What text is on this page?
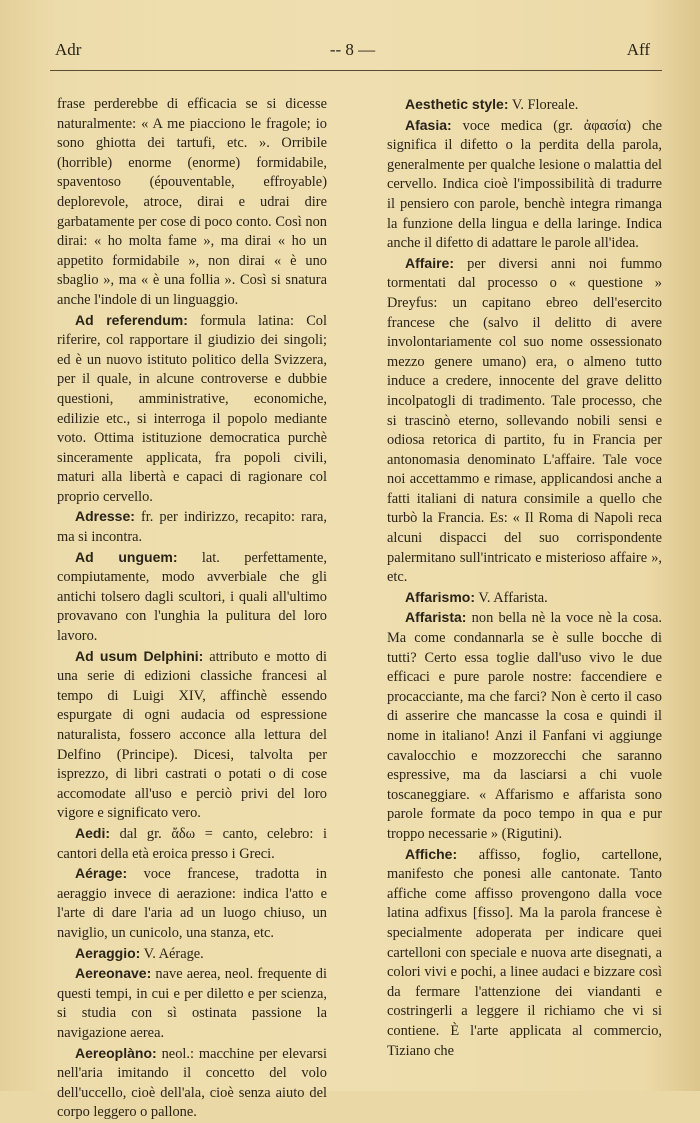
Adr	-- 8 —	Aff

frase perderebbe di efficacia se si dicesse naturalmente: « A me piacciono le fragole; io sono ghiotta dei tartufi, etc. ». Orribile (horrible) enorme (enorme) formidabile, spaventoso (épouventable, effroyable) deplorevole, atroce, dirai e udrai dire garbatamente per cose di poco conto. Così non dirai: « ho molta fame », ma dirai « ho un appetito formidabile », non dirai « è uno sbaglio », ma « è una follia ». Così si snatura anche l'indole di un linguaggio.

Ad referendum: formula latina: Col riferire, col rapportare il giudizio dei singoli; ed è un nuovo istituto politico della Svizzera, per il quale, in alcune controverse e dubbie questioni, amministrative, economiche, edilizie etc., si interroga il popolo mediante voto. Ottima istituzione democratica purchè sinceramente applicata, fra popoli civili, maturi alla libertà e capaci di ragionare col proprio cervello.

Adresse: fr. per indirizzo, recapito: rara, ma si incontra.

Ad unguem: lat. perfettamente, compiutamente, modo avverbiale che gli antichi tolsero dagli scultori, i quali all'ultimo provavano con l'unghia la pulitura del loro lavoro.

Ad usum Delphini: attributo e motto di una serie di edizioni classiche francesi al tempo di Luigi XIV, affinchè essendo espurgate di ogni audacia od espressione naturalista, fossero acconce alla lettura del Delfino (Principe). Dicesi, talvolta per isprezzo, di libri castrati o potati o di cose accomodate all'uso e perciò privi del loro vigore e significato vero.

Aedi: dal gr. ἄδω = canto, celebro: i cantori della età eroica presso i Greci.

Aérage: voce francese, tradotta in aeraggio invece di aerazione: indica l'atto e l'arte di dare l'aria ad un luogo chiuso, un naviglio, un cunicolo, una stanza, etc.

Aeraggio: V. Aérage.

Aereonave: nave aerea, neol. frequente di questi tempi, in cui e per diletto e per scienza, si studia con sì ostinata passione la navigazione aerea.

Aereoplàno: neol.: macchine per elevarsi nell'aria imitando il concetto del volo dell'uccello, cioè dell'ala, cioè senza aiuto del corpo leggero o pallone.

Aesthetic style: V. Floreale.

Afasia: voce medica (gr. ἀφασία) che significa il difetto o la perdita della parola, generalmente per qualche lesione o malattia del cervello. Indica cioè l'impossibilità di tradurre il pensiero con parole, benchè integra rimanga la funzione della lingua e della laringe. Indica anche il difetto di adattare le parole all'idea.

Affaire: per diversi anni noi fummo tormentati dal processo o « questione » Dreyfus: un capitano ebreo dell'esercito francese che (salvo il delitto di avere involontariamente col suo nome ossessionato mezzo genere umano) era, o almeno tutto induce a credere, innocente del grave delitto incolpatogli di tradimento. Tale processo, che si trascinò eterno, sollevando nobili sensi e odiosa retorica di partito, fu in Francia per antonomasia denominato L'affaire. Tale voce noi accettammo e rimase, applicandosi anche a fatti italiani di natura consimile a quello che turbò la Francia. Es: « Il Roma di Napoli reca alcuni dispacci del suo corrispondente palermitano sull'intricato e misterioso affaire », etc.

Affarismo: V. Affarista.

Affarista: non bella nè la voce nè la cosa. Ma come condannarla se è sulle bocche di tutti? Certo essa toglie dall'uso vivo le due efficaci e pure parole nostre: faccendiere e procacciante, ma che farci? Non è certo il caso di asserire che mancasse la cosa e quindi il nome in italiano! Anzi il Fanfani vi aggiunge cavalocchio e mozzorecchi che saranno espressive, ma da lasciarsi a chi vuole toscaneggiare. « Affarismo e affarista sono parole formate da poco tempo in qua e pur troppo necessarie » (Rigutini).

Affiche: affisso, foglio, cartellone, manifesto che ponesi alle cantonate. Tanto affiche come affisso provengono dalla voce latina adfixus [fisso]. Ma la parola francese è specialmente adoperata per indicare quei cartelloni con speciale e nuova arte disegnati, a colori vivi e pochi, a linee audaci e bizzare così da fermare l'attenzione dei viandanti e costringerli a leggere il richiamo che vi si contiene. È l'arte applicata al commercio, Tiziano che
